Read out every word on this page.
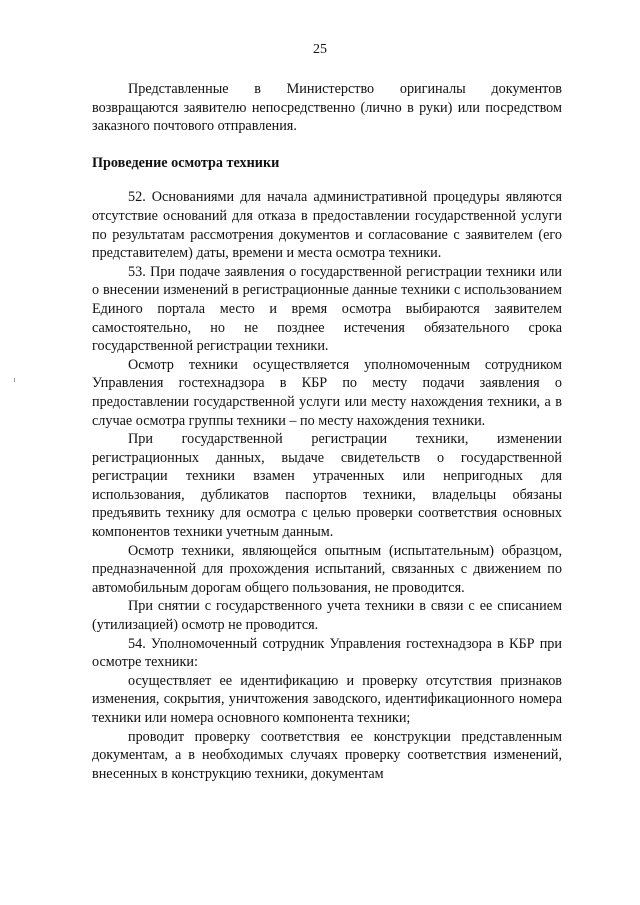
25

Представленные в Министерство оригиналы документов возвращаются заявителю непосредственно (лично в руки) или посредством заказного почтового отправления.

Проведение осмотра техники

52. Основаниями для начала административной процедуры являются отсутствие оснований для отказа в предоставлении государственной услуги по результатам рассмотрения документов и согласование с заявителем (его представителем) даты, времени и места осмотра техники.

53. При подаче заявления о государственной регистрации техники или о внесении изменений в регистрационные данные техники с использованием Единого портала место и время осмотра выбираются заявителем самостоятельно, но не позднее истечения обязательного срока государственной регистрации техники.

Осмотр техники осуществляется уполномоченным сотрудником Управления гостехнадзора в КБР по месту подачи заявления о предоставлении государственной услуги или месту нахождения техники, а в случае осмотра группы техники – по месту нахождения техники.

При государственной регистрации техники, изменении регистрационных данных, выдаче свидетельств о государственной регистрации техники взамен утраченных или непригодных для использования, дубликатов паспортов техники, владельцы обязаны предъявить технику для осмотра с целью проверки соответствия основных компонентов техники учетным данным.

Осмотр техники, являющейся опытным (испытательным) образцом, предназначенной для прохождения испытаний, связанных с движением по автомобильным дорогам общего пользования, не проводится.

При снятии с государственного учета техники в связи с ее списанием (утилизацией) осмотр не проводится.

54. Уполномоченный сотрудник Управления гостехнадзора в КБР при осмотре техники:

осуществляет ее идентификацию и проверку отсутствия признаков изменения, сокрытия, уничтожения заводского, идентификационного номера техники или номера основного компонента техники;

проводит проверку соответствия ее конструкции представленным документам, а в необходимых случаях проверку соответствия изменений, внесенных в конструкцию техники, документам
